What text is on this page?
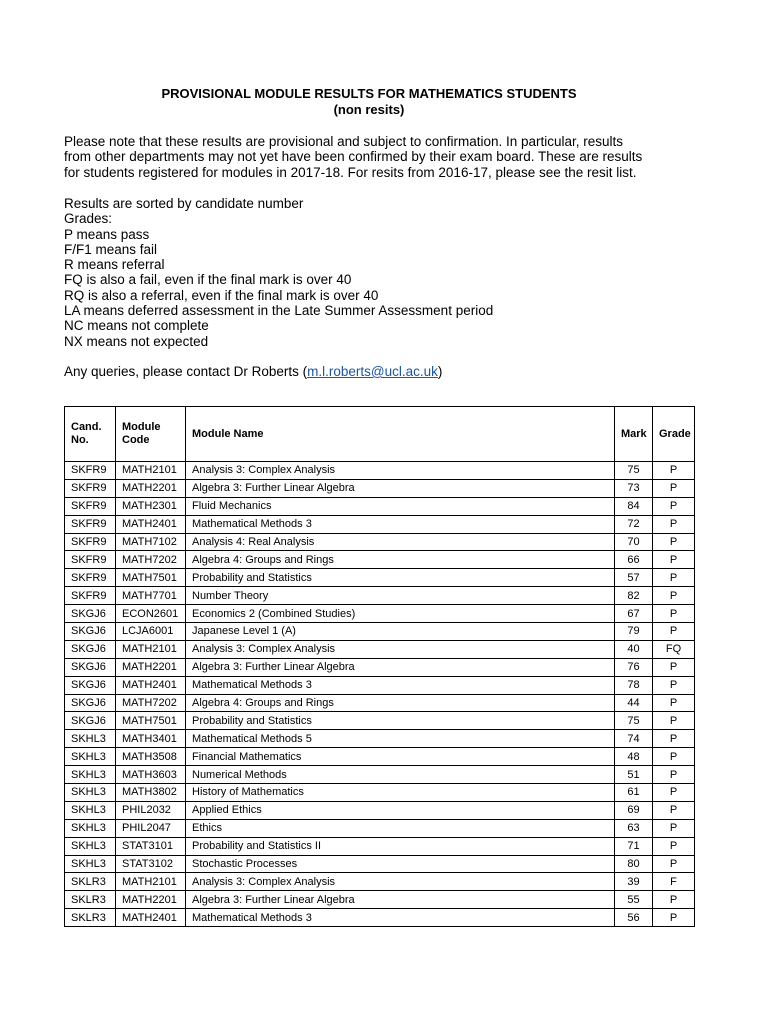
PROVISIONAL MODULE RESULTS FOR MATHEMATICS STUDENTS
(non resits)
Please note that these results are provisional and subject to confirmation. In particular, results
from other departments may not yet have been confirmed by their exam board. These are results
for students registered for modules in 2017-18. For resits from 2016-17, please see the resit list.
Results are sorted by candidate number
Grades:
P means pass
F/F1 means fail
R means referral
FQ is also a fail, even if the final mark is over 40
RQ is also a referral, even if the final mark is over 40
LA means deferred assessment in the Late Summer Assessment period
NC means not complete
NX means not expected
Any queries, please contact Dr Roberts (m.l.roberts@ucl.ac.uk)
Cand. No.	Module Code	Module Name	Mark	Grade
SKFR9	MATH2101	Analysis 3: Complex Analysis	75	P
SKFR9	MATH2201	Algebra 3: Further Linear Algebra	73	P
SKFR9	MATH2301	Fluid Mechanics	84	P
SKFR9	MATH2401	Mathematical Methods 3	72	P
SKFR9	MATH7102	Analysis 4: Real Analysis	70	P
SKFR9	MATH7202	Algebra 4: Groups and Rings	66	P
SKFR9	MATH7501	Probability and Statistics	57	P
SKFR9	MATH7701	Number Theory	82	P
SKGJ6	ECON2601	Economics 2 (Combined Studies)	67	P
SKGJ6	LCJA6001	Japanese Level 1 (A)	79	P
SKGJ6	MATH2101	Analysis 3: Complex Analysis	40	FQ
SKGJ6	MATH2201	Algebra 3: Further Linear Algebra	76	P
SKGJ6	MATH2401	Mathematical Methods 3	78	P
SKGJ6	MATH7202	Algebra 4: Groups and Rings	44	P
SKGJ6	MATH7501	Probability and Statistics	75	P
SKHL3	MATH3401	Mathematical Methods 5	74	P
SKHL3	MATH3508	Financial Mathematics	48	P
SKHL3	MATH3603	Numerical Methods	51	P
SKHL3	MATH3802	History of Mathematics	61	P
SKHL3	PHIL2032	Applied Ethics	69	P
SKHL3	PHIL2047	Ethics	63	P
SKHL3	STAT3101	Probability and Statistics II	71	P
SKHL3	STAT3102	Stochastic Processes	80	P
SKLR3	MATH2101	Analysis 3: Complex Analysis	39	F
SKLR3	MATH2201	Algebra 3: Further Linear Algebra	55	P
SKLR3	MATH2401	Mathematical Methods 3	56	P
